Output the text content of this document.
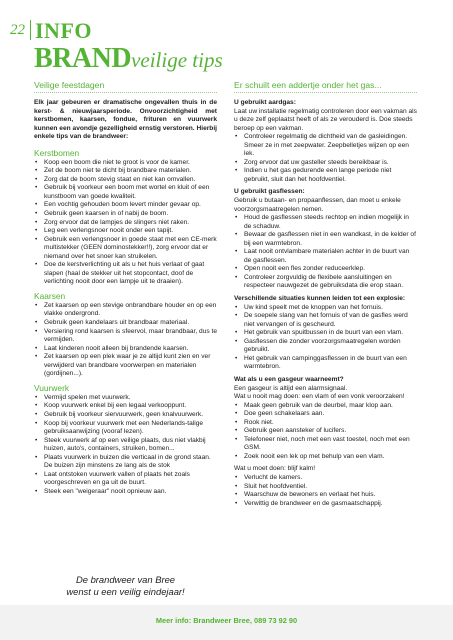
22 INFO
BRANDveilige tips
Veilige feestdagen
Elk jaar gebeuren er dramatische ongevallen thuis in de kerst- & nieuwjaarsperiode. Onvoorzichtigheid met kerstbomen, kaarsen, fondue, frituren en vuurwerk kunnen een avondje gezelligheid ernstig verstoren. Hierbij enkele tips van de brandweer:
Kerstbomen
• Koop een boom die niet te groot is voor de kamer.
• Zet de boom niet te dicht bij brandbare materialen.
• Zorg dat de boom stevig staat en niet kan omvallen.
• Gebruik bij voorkeur een boom met wortel en kluit of een kunstboom van goede kwaliteit.
• Een vochtig gehouden boom levert minder gevaar op.
• Gebruik geen kaarsen in of nabij de boom.
• Zorg ervoor dat de lampjes de slingers niet raken.
• Leg een verlengsnoer nooit onder een tapijt.
• Gebruik een verlengsnoer in goede staat met een CE-merk multistekker (GEEN dominostekker!!), zorg ervoor dat er niemand over het snoer kan struikelen.
• Doe de kerstverlichting uit als u het huis verlaat of gaat slapen (haal de stekker uit het stopcontact, doof de verlichting nooit door een lampje uit te draaien).
Kaarsen
• Zet kaarsen op een stevige onbrandbare houder en op een vlakke ondergrond.
• Gebruik geen kandelaars uit brandbaar materiaal.
• Versiering rond kaarsen is sfeervol, maar brandbaar, dus te vermijden.
• Laat kinderen nooit alleen bij brandende kaarsen.
• Zet kaarsen op een plek waar je ze altijd kunt zien en ver verwijderd van brandbare voorwerpen en materialen (gordijnen...).
Vuurwerk
• Vermijd spelen met vuurwerk.
• Koop vuurwerk enkel bij een legaal verkooppunt.
• Gebruik bij voorkeur siervuurwerk, geen knalvuurwerk.
• Koop bij voorkeur vuurwerk met een Nederlands-talige gebruiksaanwijzing (vooraf lezen).
• Steek vuurwerk af op een veilige plaats, dus niet vlakbij huizen, auto's, containers, struiken, bomen...
• Plaats vuurwerk in buizen die verticaal in de grond staan. De buizen zijn minstens ze lang als de stok
• Laat ontstoken vuurwerk vallen of plaats het zoals voorgeschreven en ga uit de buurt.
• Steek een "weigeraar" nooit opnieuw aan.
De brandweer van Bree
wenst u een veilig eindejaar!
Er schuilt een addertje onder het gas...
U gebruikt aardgas:

Laat uw installatie regelmatig controleren door een vakman als u deze zelf geplaatst heeft of als ze verouderd is. Doe steeds beroep op een vakman.

• Controleer regelmatig de dichtheid van de gasleidingen. Smeer ze in met zeepwater. Zeepbelletjes wijzen op een lek.
• Zorg ervoor dat uw gasteller steeds bereikbaar is.
• Indien u het gas gedurende een lange periode niet gebruikt, sluit dan het hoofdventiel.
U gebruikt gasflessen:

Gebruik u butaan- en propaanflessen, dan moet u enkele voorzorgsmaatregelen nemen.

• Houd de gasflessen steeds rechtop en indien mogelijk in de schaduw.
• Bewaar de gasflessen niet in een wandkast, in de kelder of bij een warmtebron.
• Laat nooit ontvlambare materialen achter in de buurt van de gasflessen.
• Open nooit een fles zonder reduceerklep.
• Controleer zorgvuldig de flexibele aansluitingen en respecteer nauwgezet de gebruiksdata die erop staan.
Verschillende situaties kunnen leiden tot een explosie:
• Uw kind speelt met de knoppen van het fornuis.
• De soepele slang van het fornuis of van de gasfles werd niet vervangen of is gescheurd.
• Het gebruik van spuitbussen in de buurt van een vlam.
• Gasflessen die zonder voorzorgsmaatregelen worden gebruikt.
• Het gebruik van campinggasflessen in de buurt van een warmtebron.
Wat als u een gasgeur waarneemt?

Een gasgeur is altijd een alarmsignaal.

Wat u nooit mag doen: een vlam of een vonk veroorzaken!

• Maak geen gebruik van de deurbel, maar klop aan.
• Doe geen schakelaars aan.
• Rook niet.
• Gebruik geen aansteker of lucifers.
• Telefoneer niet, noch met een vast toestel, noch met een GSM.
• Zoek nooit een lek op met behulp van een vlam.

Wat u moet doen: blijf kalm!

• Verlucht de kamers.
• Sluit het hoofdventiel.
• Waarschuw de bewoners en verlaat het huis.
• Verwittig de brandweer en de gasmaatschappij.
Meer info: Brandweer Bree, 089 73 92 90
